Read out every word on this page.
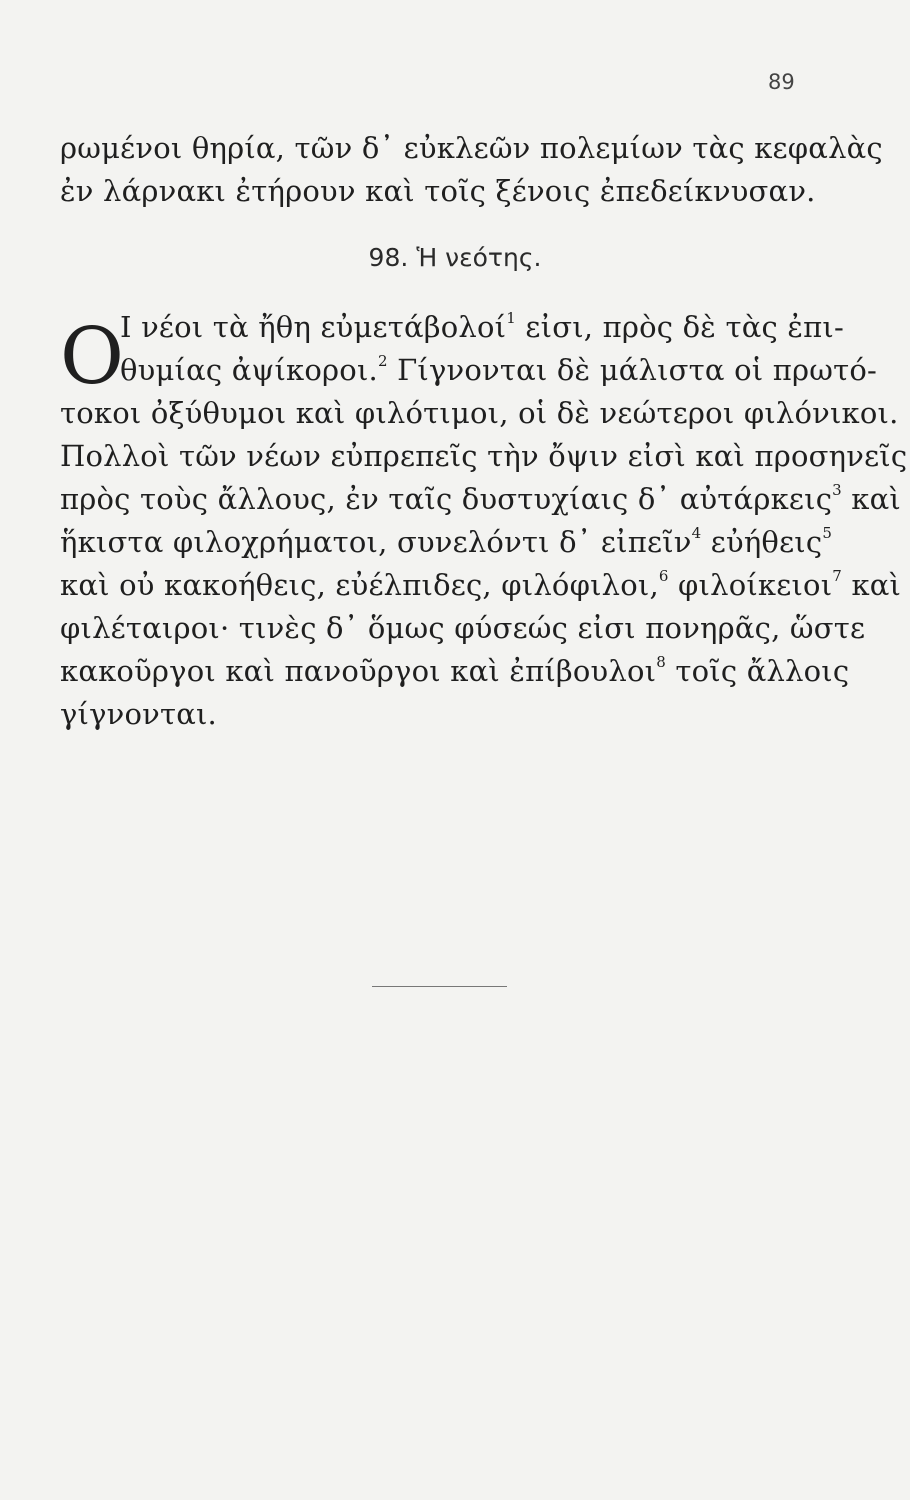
89
ρωμένοι θηρία, τῶν δ᾿ εὐκλεῶν πολεμίων τὰς κεφαλὰς
ἐν λάρνακι ἐτήρουν καὶ τοῖς ξένοις ἐπεδείκνυσαν.
98. Ἡ νεότης.
O
Ι νέοι τὰ ἤθη εὐμετάβολοί$^1$ εἰσι, πρὸς δὲ τὰς ἐπι-
θυμίας ἀψίκοροι.$^2$ Γίγνονται δὲ μάλιστα οἱ πρωτό-
τοκοι ὀξύθυμοι καὶ φιλότιμοι, οἱ δὲ νεώτεροι φιλόνικοι.
Πολλοὶ τῶν νέων εὐπρεπεῖς τὴν ὄψιν εἰσὶ καὶ προσηνεῖς
πρὸς τοὺς ἄλλους, ἐν ταῖς δυστυχίαις δ᾿ αὐτάρκεις$^3$ καὶ
ἥκιστα φιλοχρήματοι, συνελόντι δ᾿ εἰπεῖν$^4$ εὐήθεις$^5$
καὶ οὐ κακοήθεις, εὐέλπιδες, φιλόφιλοι,$^6$ φιλοίκειοι$^7$ καὶ
φιλέταιροι· τινὲς δ᾿ ὅμως φύσεώς εἰσι πονηρᾶς, ὥστε
κακοῦργοι καὶ πανοῦργοι καὶ ἐπίβουλοι$^8$ τοῖς ἄλλοις
γίγνονται.
